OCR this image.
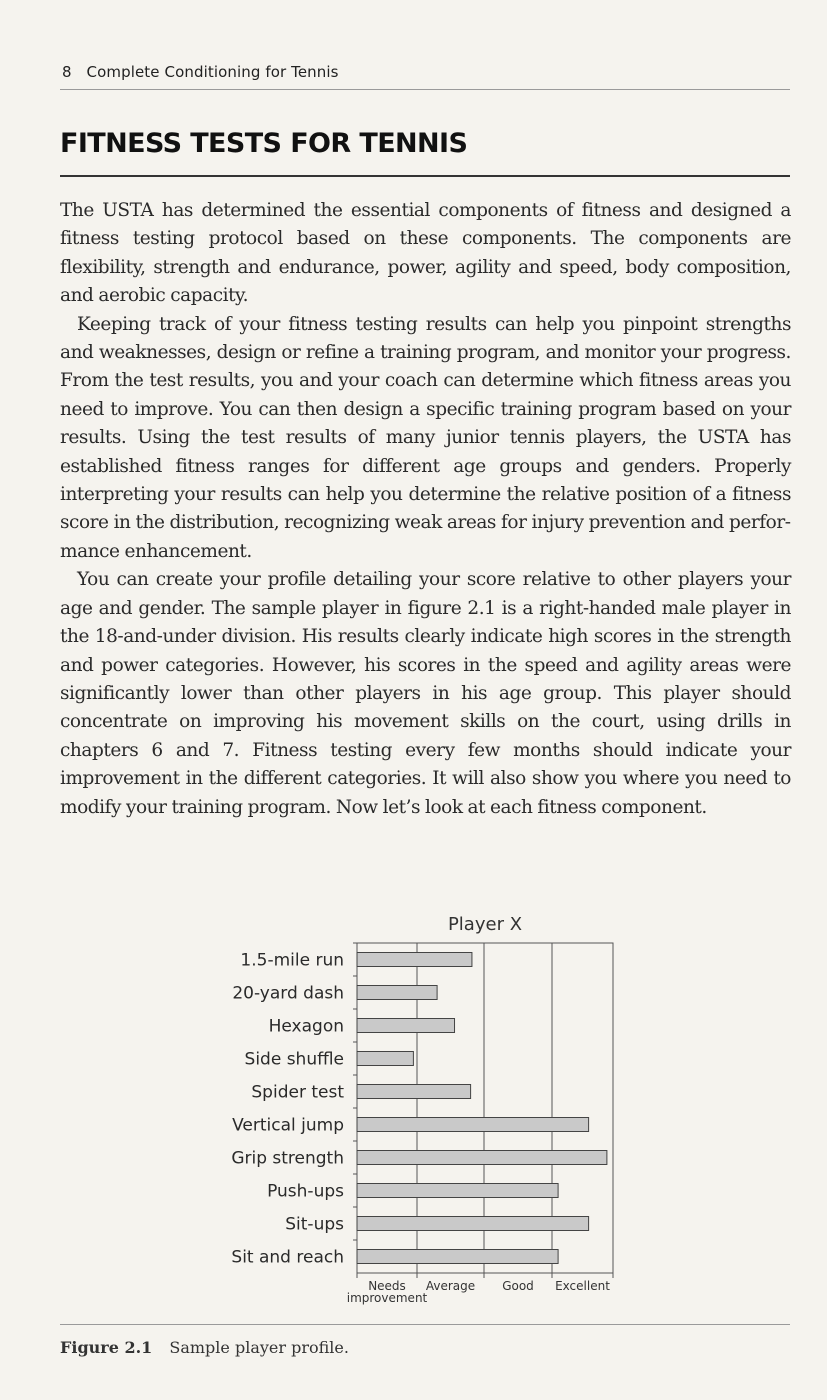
8 Complete Conditioning for Tennis
FITNESS TESTS FOR TENNIS

The USTA has determined the essential components of fitness and designed a fitness testing protocol based on these components. The components are flexibility, strength and endurance, power, agility and speed, body composition, and aerobic capacity.

Keeping track of your fitness testing results can help you pinpoint strengths and weaknesses, design or refine a training program, and monitor your progress. From the test results, you and your coach can determine which fitness areas you need to improve. You can then design a specific training program based on your results. Using the test results of many junior tennis players, the USTA has established fitness ranges for different age groups and genders. Properly interpreting your results can help you determine the relative position of a fitness score in the distribution, recognizing weak areas for injury prevention and performance enhancement.

You can create your profile detailing your score relative to other players your age and gender. The sample player in figure 2.1 is a right-handed male player in the 18-and-under division. His results clearly indicate high scores in the strength and power categories. However, his scores in the speed and agility areas were significantly lower than other players in his age group. This player should concentrate on improving his movement skills on the court, using drills in chapters 6 and 7. Fitness testing every few months should indicate your improvement in the different categories. It will also show you where you need to modify your training program. Now let’s look at each fitness component.

Player X
1.5-mile run
20-yard dash
Hexagon
Side shuffle
Spider test
Vertical jump
Grip strength
Push-ups
Sit-ups
Sit and reach
Needs
improvement
Average Good Excellent
Figure 2.1 Sample player profile.
